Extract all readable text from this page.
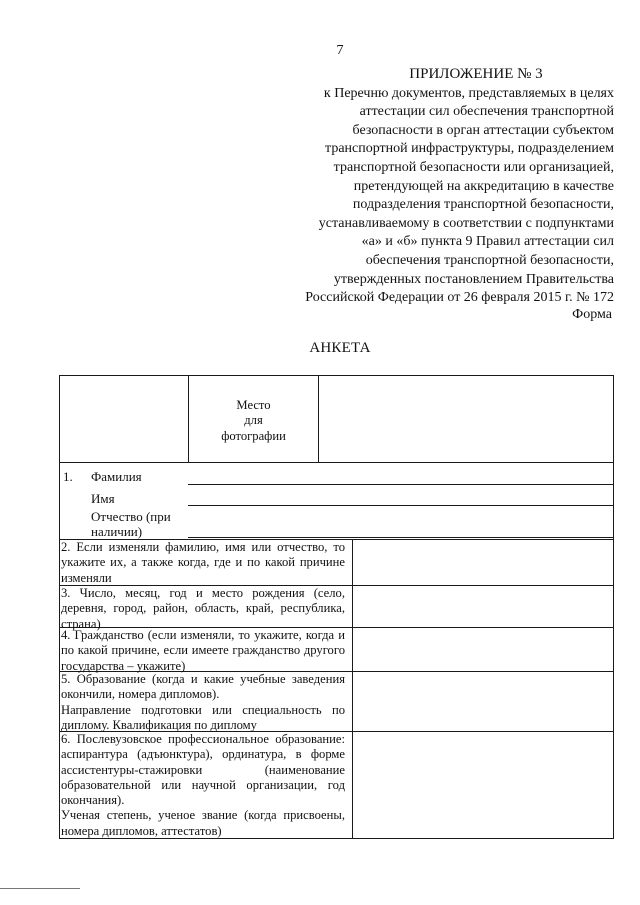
7
ПРИЛОЖЕНИЕ № 3
к Перечню документов, представляемых в целях
аттестации сил обеспечения транспортной
безопасности в орган аттестации субъектом
транспортной инфраструктуры, подразделением
транспортной безопасности или организацией,
претендующей на аккредитацию в качестве
подразделения транспортной безопасности,
устанавливаемому в соответствии с подпунктами
«а» и «б» пункта 9 Правил аттестации сил
обеспечения транспортной безопасности,
утвержденных постановлением Правительства
Российской Федерации от 26 февраля 2015 г. № 172
Форма
АНКЕТА
Место
для
фотографии
1. Фамилия
Имя
Отчество (при
наличии)
2. Если изменяли фамилию, имя или отчество, то укажите их, а также когда, где и по какой причине изменяли
3. Число, месяц, год и место рождения (село, деревня, город, район, область, край, республика, страна)
4. Гражданство (если изменяли, то укажите, когда и по какой причине, если имеете гражданство другого государства – укажите)
5. Образование (когда и какие учебные заведения окончили, номера дипломов).
Направление подготовки или специальность по диплому. Квалификация по диплому
6. Послевузовское профессиональное образование: аспирантура (адъюнктура), ординатура, в форме ассистентуры-стажировки (наименование образовательной или научной организации, год окончания).
Ученая степень, ученое звание (когда присвоены, номера дипломов, аттестатов)
